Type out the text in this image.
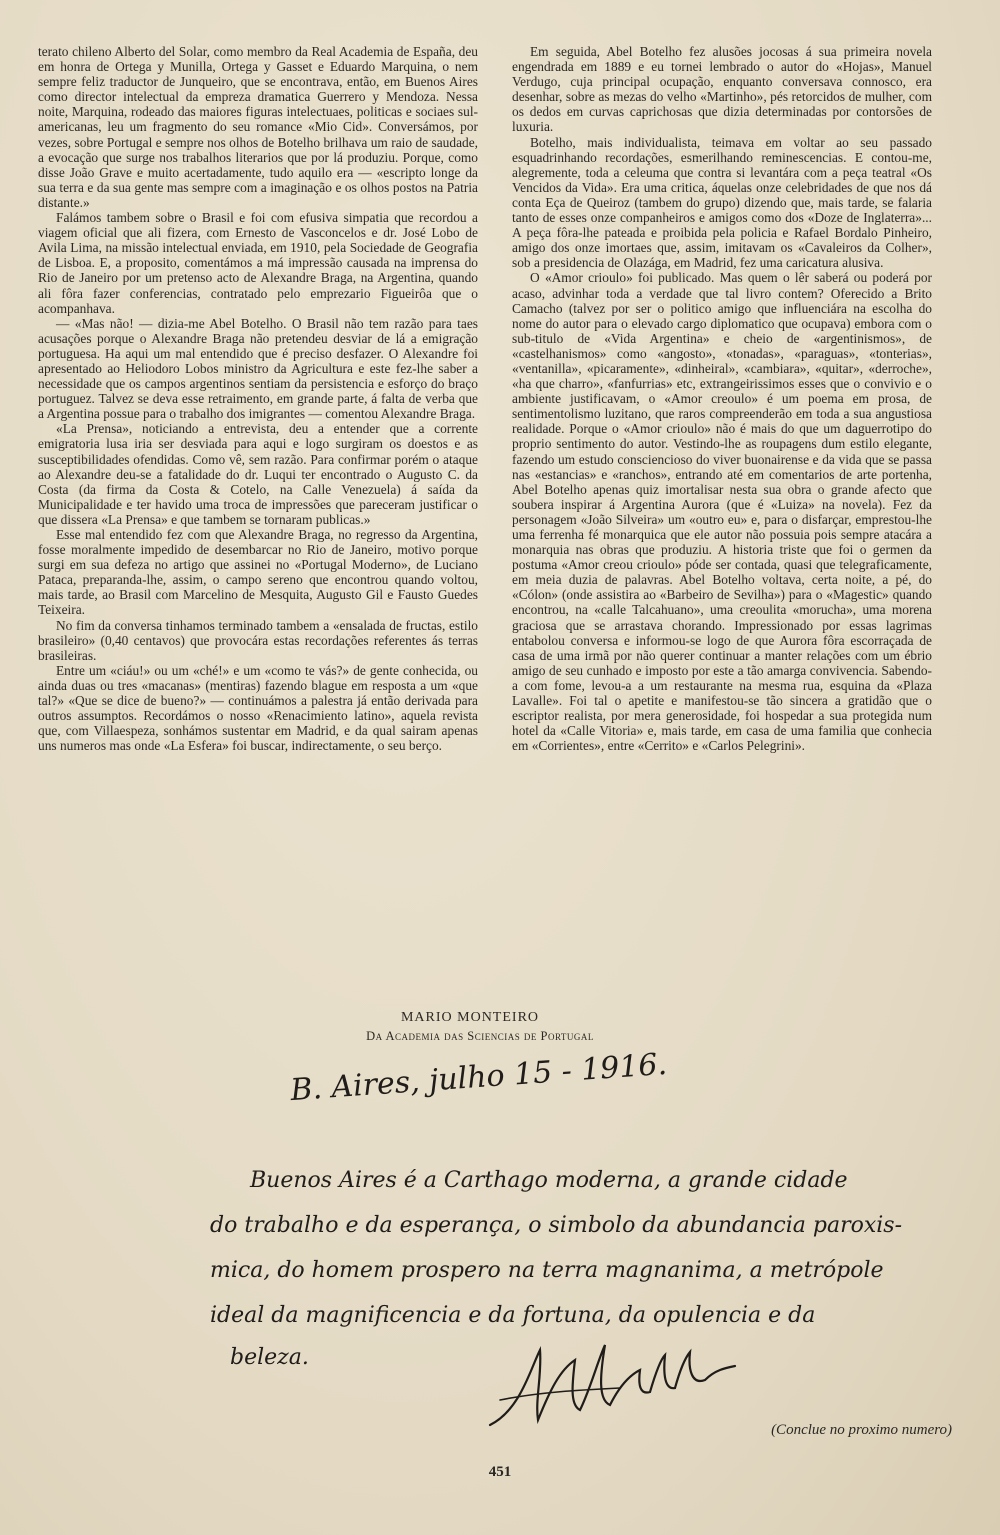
terato chileno Alberto del Solar, como membro da Real Academia de España, deu em honra de Ortega y Munilla, Ortega y Gasset e Eduardo Marquina, o nem sempre feliz traductor de Junqueiro, que se encontrava, então, em Buenos Aires como director intelectual da empreza dramatica Guerrero y Mendoza. Nessa noite, Marquina, rodeado das maiores figuras intelectuaes, politicas e sociaes sul-americanas, leu um fragmento do seu romance «Mio Cid». Conversámos, por vezes, sobre Portugal e sempre nos olhos de Botelho brilhava um raio de saudade, a evocação que surge nos trabalhos literarios que por lá produziu. Porque, como disse João Grave e muito acertadamente, tudo aquilo era — «escripto longe da sua terra e da sua gente mas sempre com a imaginação e os olhos postos na Patria distante.»

Falámos tambem sobre o Brasil e foi com efusiva simpatia que recordou a viagem oficial que ali fizera, com Ernesto de Vasconcelos e dr. José Lobo de Avila Lima, na missão intelectual enviada, em 1910, pela Sociedade de Geografia de Lisboa. E, a proposito, comentámos a má impressão causada na imprensa do Rio de Janeiro por um pretenso acto de Alexandre Braga, na Argentina, quando ali fôra fazer conferencias, contratado pelo emprezario Figueirôa que o acompanhava.

— «Mas não! — dizia-me Abel Botelho. O Brasil não tem razão para taes acusações porque o Alexandre Braga não pretendeu desviar de lá a emigração portuguesa. Ha aqui um mal entendido que é preciso desfazer. O Alexandre foi apresentado ao Heliodoro Lobos ministro da Agricultura e este fez-lhe saber a necessidade que os campos argentinos sentiam da persistencia e esforço do braço portuguez. Talvez se deva esse retraimento, em grande parte, á falta de verba que a Argentina possue para o trabalho dos imigrantes — comentou Alexandre Braga.

«La Prensa», noticiando a entrevista, deu a entender que a corrente emigratoria lusa iria ser desviada para aqui e logo surgiram os doestos e as susceptibilidades ofendidas. Como vê, sem razão. Para confirmar porém o ataque ao Alexandre deu-se a fatalidade do dr. Luqui ter encontrado o Augusto C. da Costa (da firma da Costa & Cotelo, na Calle Venezuela) á saída da Municipalidade e ter havido uma troca de impressões que pareceram justificar o que dissera «La Prensa» e que tambem se tornaram publicas.»

Esse mal entendido fez com que Alexandre Braga, no regresso da Argentina, fosse moralmente impedido de desembarcar no Rio de Janeiro, motivo porque surgi em sua defeza no artigo que assinei no «Portugal Moderno», de Luciano Pataca, preparanda-lhe, assim, o campo sereno que encontrou quando voltou, mais tarde, ao Brasil com Marcelino de Mesquita, Augusto Gil e Fausto Guedes Teixeira.

No fim da conversa tinhamos terminado tambem a «ensalada de fructas, estilo brasileiro» (0,40 centavos) que provocára estas recordações referentes ás terras brasileiras.

Entre um «ciáu!» ou um «ché!» e um «como te vás?» de gente conhecida, ou ainda duas ou tres «macanas» (mentiras) fazendo blague em resposta a um «que tal?» «Que se dice de bueno?» — continuámos a palestra já então derivada para outros assumptos. Recordámos o nosso «Renacimiento latino», aquela revista que, com Villaespeza, sonhámos sustentar em Madrid, e da qual sairam apenas uns numeros mas onde «La Esfera» foi buscar, indirectamente, o seu berço.

Em seguida, Abel Botelho fez alusões jocosas á sua primeira novela engendrada em 1889 e eu tornei lembrado o autor do «Hojas», Manuel Verdugo, cuja principal ocupação, enquanto conversava connosco, era desenhar, sobre as mezas do velho «Martinho», pés retorcidos de mulher, com os dedos em curvas caprichosas que dizia determinadas por contorsões de luxuria.

Botelho, mais individualista, teimava em voltar ao seu passado esquadrinhando recordações, esmerilhando reminescencias. E contou-me, alegremente, toda a celeuma que contra si levantára com a peça teatral «Os Vencidos da Vida». Era uma critica, áquelas onze celebridades de que nos dá conta Eça de Queiroz (tambem do grupo) dizendo que, mais tarde, se falaria tanto de esses onze companheiros e amigos como dos «Doze de Inglaterra»... A peça fôra-lhe pateada e proibida pela policia e Rafael Bordalo Pinheiro, amigo dos onze imortaes que, assim, imitavam os «Cavaleiros da Colher», sob a presidencia de Olazága, em Madrid, fez uma caricatura alusiva.

O «Amor crioulo» foi publicado. Mas quem o lêr saberá ou poderá por acaso, advinhar toda a verdade que tal livro contem? Oferecido a Brito Camacho (talvez por ser o politico amigo que influenciára na escolha do nome do autor para o elevado cargo diplomatico que ocupava) embora com o sub-titulo de «Vida Argentina» e cheio de «argentinismos», de «castelhanismos» como «angosto», «tonadas», «paraguas», «tonterias», «ventanilla», «picaramente», «dinheiral», «cambiara», «quitar», «derroche», «ha que charro», «fanfurrias» etc, extrangeirissimos esses que o convivio e o ambiente justificavam, o «Amor creoulo» é um poema em prosa, de sentimentolismo luzitano, que raros compreenderão em toda a sua angustiosa realidade. Porque o «Amor crioulo» não é mais do que um daguerrotipo do proprio sentimento do autor. Vestindo-lhe as roupagens dum estilo elegante, fazendo um estudo consciencioso do viver buonairense e da vida que se passa nas «estancias» e «ranchos», entrando até em comentarios de arte portenha, Abel Botelho apenas quiz imortalisar nesta sua obra o grande afecto que soubera inspirar á Argentina Aurora (que é «Luiza» na novela). Fez da personagem «João Silveira» um «outro eu» e, para o disfarçar, emprestou-lhe uma ferrenha fé monarquica que ele autor não possuia pois sempre atacára a monarquia nas obras que produziu. A historia triste que foi o germen da postuma «Amor creou crioulo» póde ser contada, quasi que telegraficamente, em meia duzia de palavras. Abel Botelho voltava, certa noite, a pé, do «Cólon» (onde assistira ao «Barbeiro de Sevilha») para o «Magestic» quando encontrou, na «calle Talcahuano», uma creoulita «morucha», uma morena graciosa que se arrastava chorando. Impressionado por essas lagrimas entabolou conversa e informou-se logo de que Aurora fôra escorraçada de casa de uma irmã por não querer continuar a manter relações com um ébrio amigo de seu cunhado e imposto por este a tão amarga convivencia. Sabendo-a com fome, levou-a a um restaurante na mesma rua, esquina da «Plaza Lavalle». Foi tal o apetite e manifestou-se tão sincera a gratidão que o escriptor realista, por mera generosidade, foi hospedar a sua protegida num hotel da «Calle Vitoria» e, mais tarde, em casa de uma familia que conhecia em «Corrientes», entre «Cerrito» e «Carlos Pelegrini».

MARIO MONTEIRO
Da Academia das Sciencias de Portugal
B. Aires, julho 15 - 1916.
Buenos Aires é a Carthago moderna, a grande cidade
do trabalho e da esperança, o simbolo da abundancia paroxis-
mica, do homem prospero na terra magnanima, a metrópole
ideal da magnificencia e da fortuna, da opulencia e da
beleza.
(Conclue no proximo numero)
451
